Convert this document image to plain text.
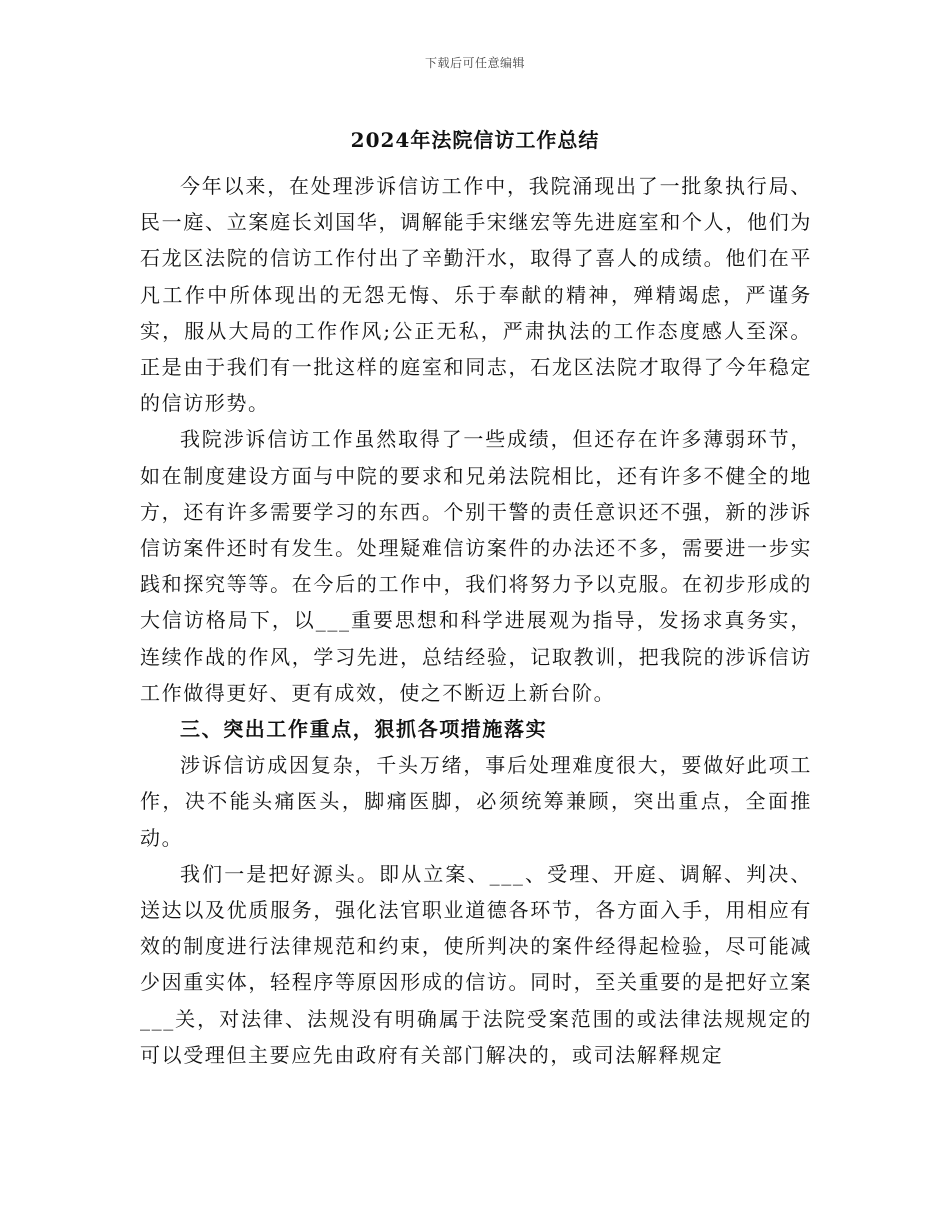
下载后可任意编辑
2024年法院信访工作总结

今年以来，在处理涉诉信访工作中，我院涌现出了一批象执行局、民一庭、立案庭长刘国华，调解能手宋继宏等先进庭室和个人，他们为石龙区法院的信访工作付出了辛勤汗水，取得了喜人的成绩。他们在平凡工作中所体现出的无怨无悔、乐于奉献的精神，殚精竭虑，严谨务实，服从大局的工作作风;公正无私，严肃执法的工作态度感人至深。正是由于我们有一批这样的庭室和同志，石龙区法院才取得了今年稳定的信访形势。

我院涉诉信访工作虽然取得了一些成绩，但还存在许多薄弱环节，如在制度建设方面与中院的要求和兄弟法院相比，还有许多不健全的地方，还有许多需要学习的东西。个别干警的责任意识还不强，新的涉诉信访案件还时有发生。处理疑难信访案件的办法还不多，需要进一步实践和探究等等。在今后的工作中，我们将努力予以克服。在初步形成的大信访格局下，以___重要思想和科学进展观为指导，发扬求真务实，连续作战的作风，学习先进，总结经验，记取教训，把我院的涉诉信访工作做得更好、更有成效，使之不断迈上新台阶。

三、突出工作重点，狠抓各项措施落实

涉诉信访成因复杂，千头万绪，事后处理难度很大，要做好此项工作，决不能头痛医头，脚痛医脚，必须统筹兼顾，突出重点，全面推动。

我们一是把好源头。即从立案、___、受理、开庭、调解、判决、送达以及优质服务，强化法官职业道德各环节，各方面入手，用相应有效的制度进行法律规范和约束，使所判决的案件经得起检验，尽可能减少因重实体，轻程序等原因形成的信访。同时，至关重要的是把好立案___关，对法律、法规没有明确属于法院受案范围的或法律法规规定的可以受理但主要应先由政府有关部门解决的，或司法解释规定
